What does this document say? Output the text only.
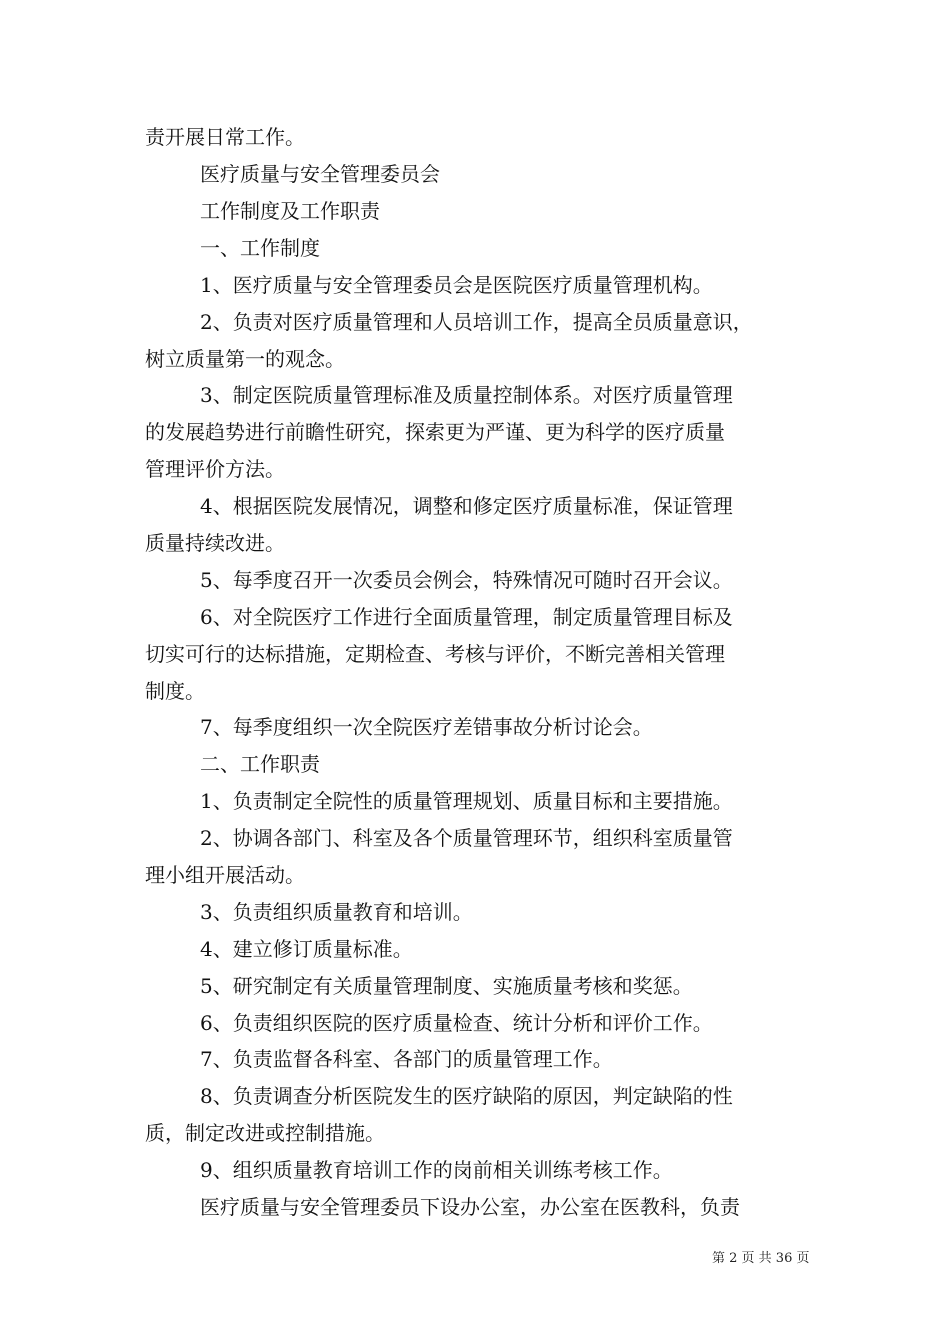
责开展日常工作。
医疗质量与安全管理委员会
工作制度及工作职责
一、工作制度
1、医疗质量与安全管理委员会是医院医疗质量管理机构。
2、负责对医疗质量管理和人员培训工作，提高全员质量意识，
树立质量第一的观念。
3、制定医院质量管理标准及质量控制体系。对医疗质量管理
的发展趋势进行前瞻性研究，探索更为严谨、更为科学的医疗质量
管理评价方法。
4、根据医院发展情况，调整和修定医疗质量标准，保证管理
质量持续改进。
5、每季度召开一次委员会例会，特殊情况可随时召开会议。
6、对全院医疗工作进行全面质量管理，制定质量管理目标及
切实可行的达标措施，定期检查、考核与评价，不断完善相关管理
制度。
7、每季度组织一次全院医疗差错事故分析讨论会。
二、工作职责
1、负责制定全院性的质量管理规划、质量目标和主要措施。
2、协调各部门、科室及各个质量管理环节，组织科室质量管
理小组开展活动。
3、负责组织质量教育和培训。
4、建立修订质量标准。
5、研究制定有关质量管理制度、实施质量考核和奖惩。
6、负责组织医院的医疗质量检查、统计分析和评价工作。
7、负责监督各科室、各部门的质量管理工作。
8、负责调查分析医院发生的医疗缺陷的原因，判定缺陷的性
质，制定改进或控制措施。
9、组织质量教育培训工作的岗前相关训练考核工作。
医疗质量与安全管理委员下设办公室，办公室在医教科，负责
第 2 页 共 36 页
